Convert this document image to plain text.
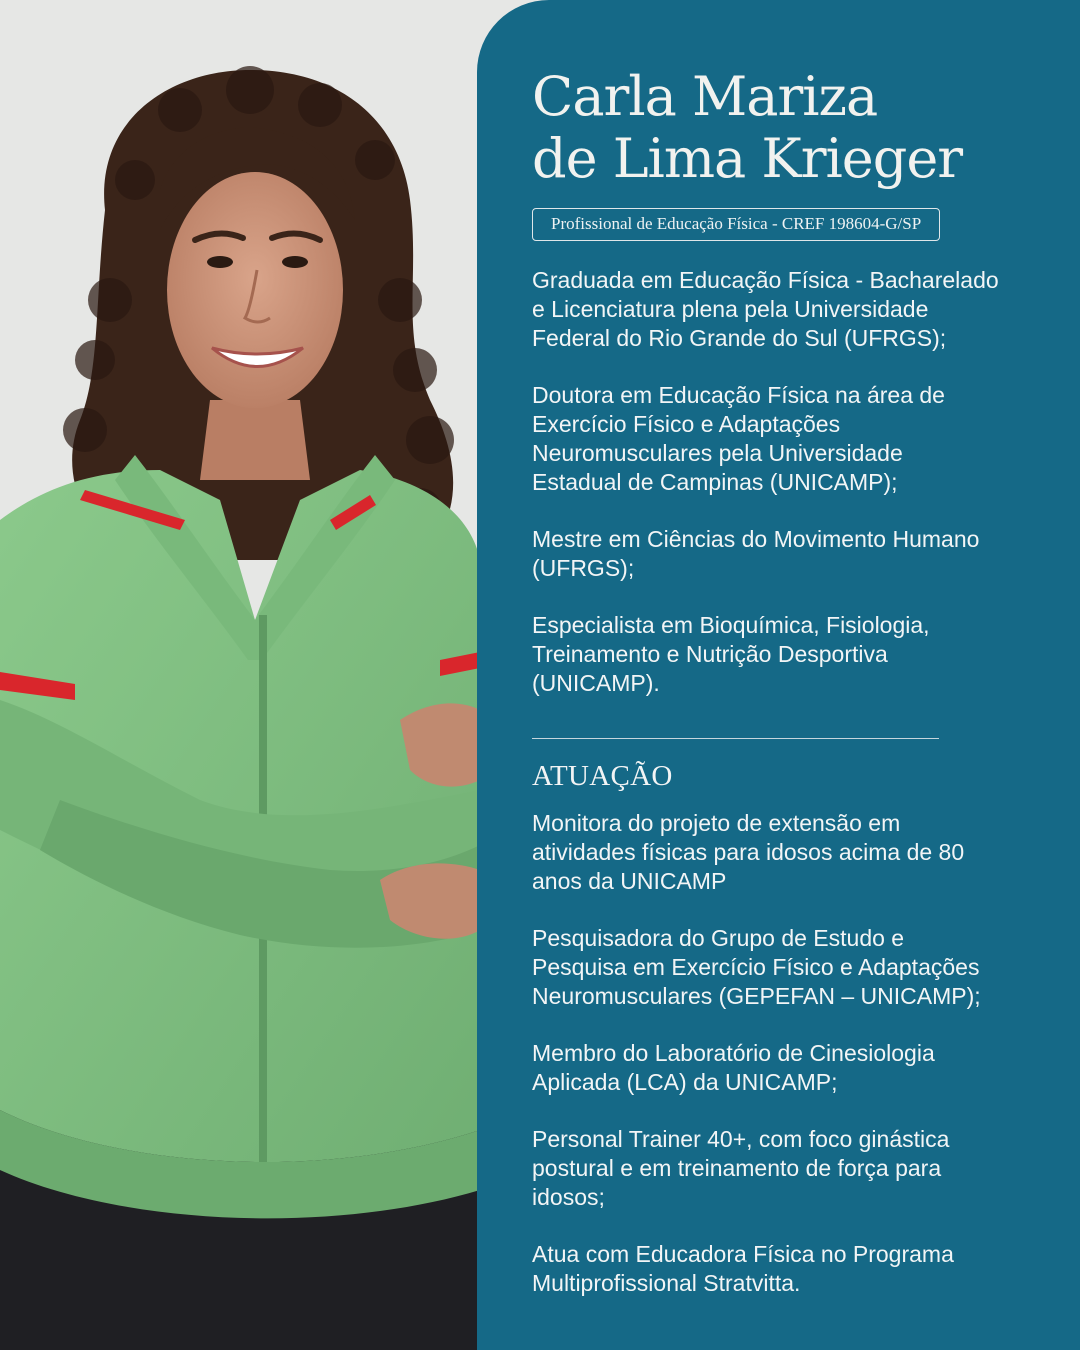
Carla Mariza
de Lima Krieger
Profissional de Educação Física - CREF 198604-G/SP

Graduada em Educação Física - Bacharelado
e Licenciatura plena pela Universidade
Federal do Rio Grande do Sul (UFRGS);

Doutora em Educação Física na área de
Exercício Físico e Adaptações
Neuromusculares pela Universidade
Estadual de Campinas (UNICAMP);

Mestre em Ciências do Movimento Humano
(UFRGS);

Especialista em Bioquímica, Fisiologia,
Treinamento e Nutrição Desportiva
(UNICAMP).

ATUAÇÃO

Monitora do projeto de extensão em
atividades físicas para idosos acima de 80
anos da UNICAMP

Pesquisadora do Grupo de Estudo e
Pesquisa em Exercício Físico e Adaptações
Neuromusculares (GEPEFAN – UNICAMP);

Membro do Laboratório de Cinesiologia
Aplicada (LCA) da UNICAMP;

Personal Trainer 40+, com foco ginástica
postural e em treinamento de força para
idosos;

Atua com Educadora Física no Programa
Multiprofissional Stratvitta.
